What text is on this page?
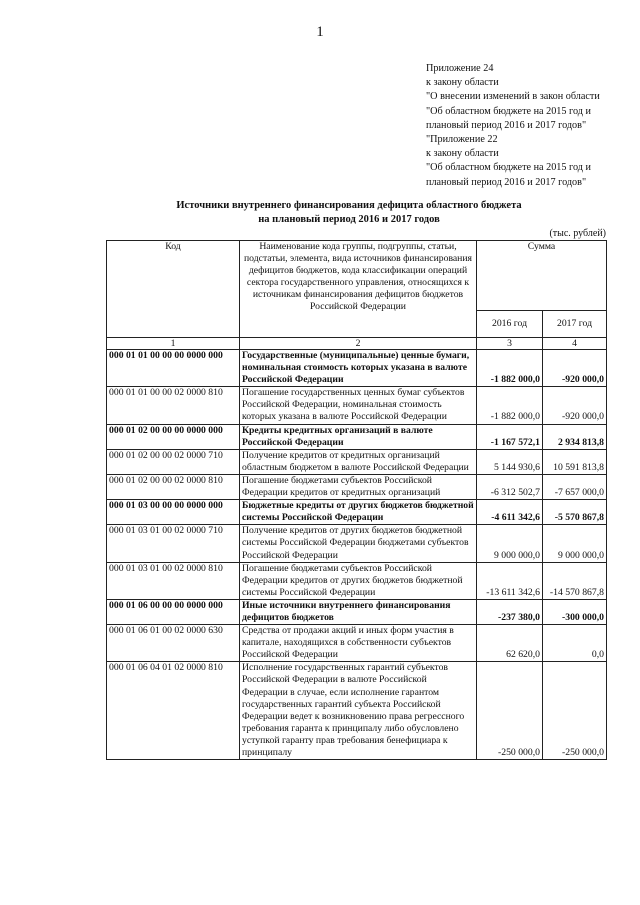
1
Приложение 24
к закону области
"О внесении изменений в закон области
"Об областном бюджете на 2015 год и
плановый период 2016 и 2017 годов"
"Приложение 22
к закону области
"Об областном бюджете на 2015 год и
плановый период 2016 и 2017 годов"
Источники внутреннего финансирования дефицита областного бюджета
на плановый период 2016 и 2017 годов
(тыс. рублей)
Код	Наименование кода группы, подгруппы, статьи, подстатьи, элемента, вида источников финансирования дефицитов бюджетов, кода классификации операций сектора государственного управления, относящихся к источникам финансирования дефицитов бюджетов Российской Федерации	Сумма	
		2016 год	2017 год
1	2	3	4
000 01 01 00 00 00 0000 000	Государственные (муниципальные) ценные бумаги, номинальная стоимость которых указана в валюте Российской Федерации	-1 882 000,0	-920 000,0
000 01 01 00 00 02 0000 810	Погашение государственных ценных бумаг субъектов Российской Федерации, номинальная стоимость которых указана в валюте Российской Федерации	-1 882 000,0	-920 000,0
000 01 02 00 00 00 0000 000	Кредиты кредитных организаций в валюте Российской Федерации	-1 167 572,1	2 934 813,8
000 01 02 00 00 02 0000 710	Получение кредитов от кредитных организаций областным бюджетом в валюте Российской Федерации	5 144 930,6	10 591 813,8
000 01 02 00 00 02 0000 810	Погашение бюджетами субъектов Российской Федерации кредитов от кредитных организаций	-6 312 502,7	-7 657 000,0
000 01 03 00 00 00 0000 000	Бюджетные кредиты от других бюджетов бюджетной системы Российской Федерации	-4 611 342,6	-5 570 867,8
000 01 03 01 00 02 0000 710	Получение кредитов от других бюджетов бюджетной системы Российской Федерации бюджетами субъектов Российской Федерации	9 000 000,0	9 000 000,0
000 01 03 01 00 02 0000 810	Погашение бюджетами субъектов Российской Федерации кредитов от других бюджетов бюджетной системы Российской Федерации	-13 611 342,6	-14 570 867,8
000 01 06 00 00 00 0000 000	Иные источники внутреннего финансирования дефицитов бюджетов	-237 380,0	-300 000,0
000 01 06 01 00 02 0000 630	Средства от продажи акций и иных форм участия в капитале, находящихся в собственности субъектов Российской Федерации	62 620,0	0,0
000 01 06 04 01 02 0000 810	Исполнение государственных гарантий субъектов Российской Федерации в валюте Российской Федерации в случае, если исполнение гарантом государственных гарантий субъекта Российской Федерации ведет к возникновению права регрессного требования гаранта к принципалу либо обусловлено уступкой гаранту прав требования бенефициара к принципалу	-250 000,0	-250 000,0
